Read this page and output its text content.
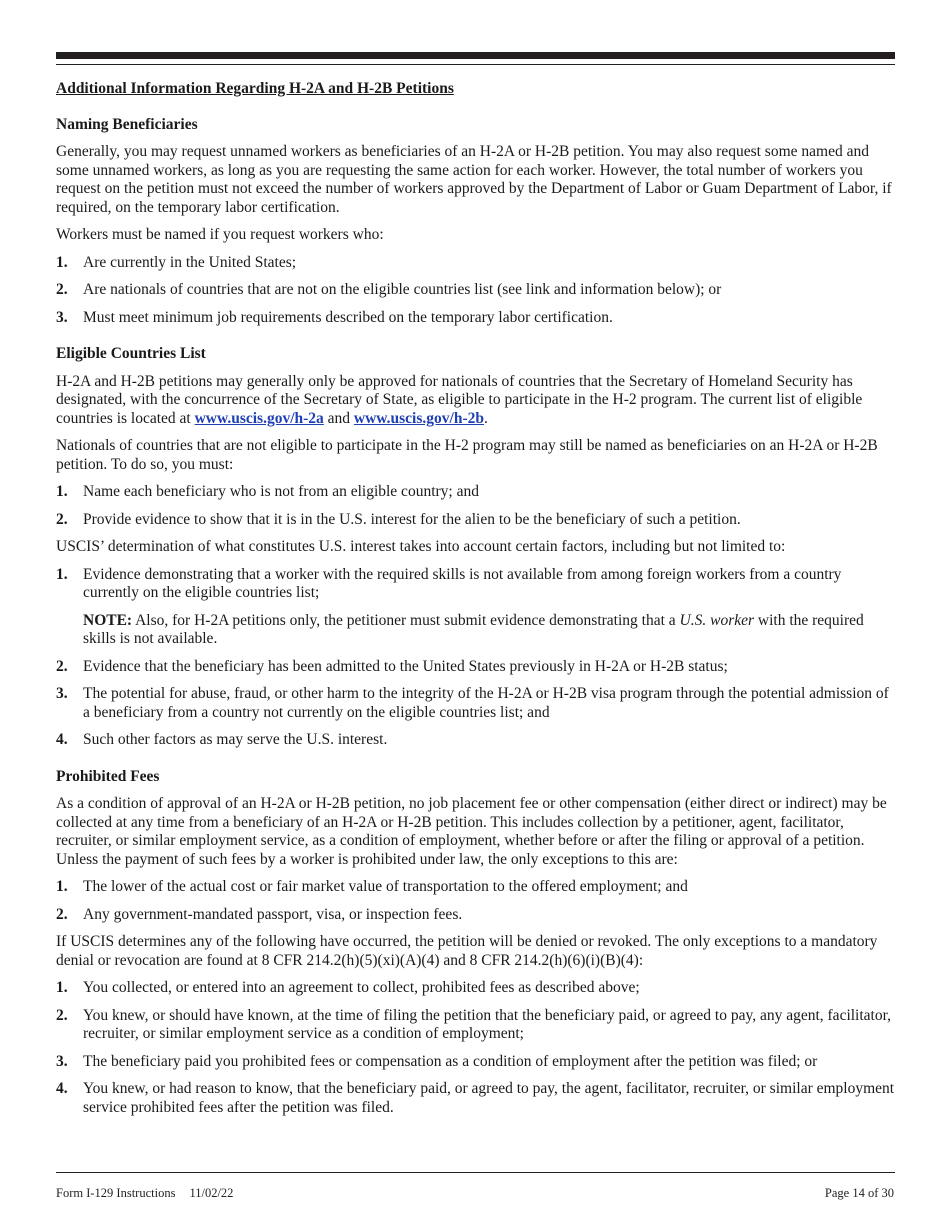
Additional Information Regarding H-2A and H-2B Petitions
Naming Beneficiaries
Generally, you may request unnamed workers as beneficiaries of an H-2A or H-2B petition. You may also request some named and some unnamed workers, as long as you are requesting the same action for each worker. However, the total number of workers you request on the petition must not exceed the number of workers approved by the Department of Labor or Guam Department of Labor, if required, on the temporary labor certification.
Workers must be named if you request workers who:
1. Are currently in the United States;
2. Are nationals of countries that are not on the eligible countries list (see link and information below); or
3. Must meet minimum job requirements described on the temporary labor certification.
Eligible Countries List
H-2A and H-2B petitions may generally only be approved for nationals of countries that the Secretary of Homeland Security has designated, with the concurrence of the Secretary of State, as eligible to participate in the H-2 program. The current list of eligible countries is located at www.uscis.gov/h-2a and www.uscis.gov/h-2b.
Nationals of countries that are not eligible to participate in the H-2 program may still be named as beneficiaries on an H-2A or H-2B petition. To do so, you must:
1. Name each beneficiary who is not from an eligible country; and
2. Provide evidence to show that it is in the U.S. interest for the alien to be the beneficiary of such a petition.
USCIS’ determination of what constitutes U.S. interest takes into account certain factors, including but not limited to:
1. Evidence demonstrating that a worker with the required skills is not available from among foreign workers from a country currently on the eligible countries list;
NOTE: Also, for H-2A petitions only, the petitioner must submit evidence demonstrating that a U.S. worker with the required skills is not available.
2. Evidence that the beneficiary has been admitted to the United States previously in H-2A or H-2B status;
3. The potential for abuse, fraud, or other harm to the integrity of the H-2A or H-2B visa program through the potential admission of a beneficiary from a country not currently on the eligible countries list; and
4. Such other factors as may serve the U.S. interest.
Prohibited Fees
As a condition of approval of an H-2A or H-2B petition, no job placement fee or other compensation (either direct or indirect) may be collected at any time from a beneficiary of an H-2A or H-2B petition. This includes collection by a petitioner, agent, facilitator, recruiter, or similar employment service, as a condition of employment, whether before or after the filing or approval of a petition. Unless the payment of such fees by a worker is prohibited under law, the only exceptions to this are:
1. The lower of the actual cost or fair market value of transportation to the offered employment; and
2. Any government-mandated passport, visa, or inspection fees.
If USCIS determines any of the following have occurred, the petition will be denied or revoked. The only exceptions to a mandatory denial or revocation are found at 8 CFR 214.2(h)(5)(xi)(A)(4) and 8 CFR 214.2(h)(6)(i)(B)(4):
1. You collected, or entered into an agreement to collect, prohibited fees as described above;
2. You knew, or should have known, at the time of filing the petition that the beneficiary paid, or agreed to pay, any agent, facilitator, recruiter, or similar employment service as a condition of employment;
3. The beneficiary paid you prohibited fees or compensation as a condition of employment after the petition was filed; or
4. You knew, or had reason to know, that the beneficiary paid, or agreed to pay, the agent, facilitator, recruiter, or similar employment service prohibited fees after the petition was filed.
Form I-129 Instructions 11/02/22	Page 14 of 30
